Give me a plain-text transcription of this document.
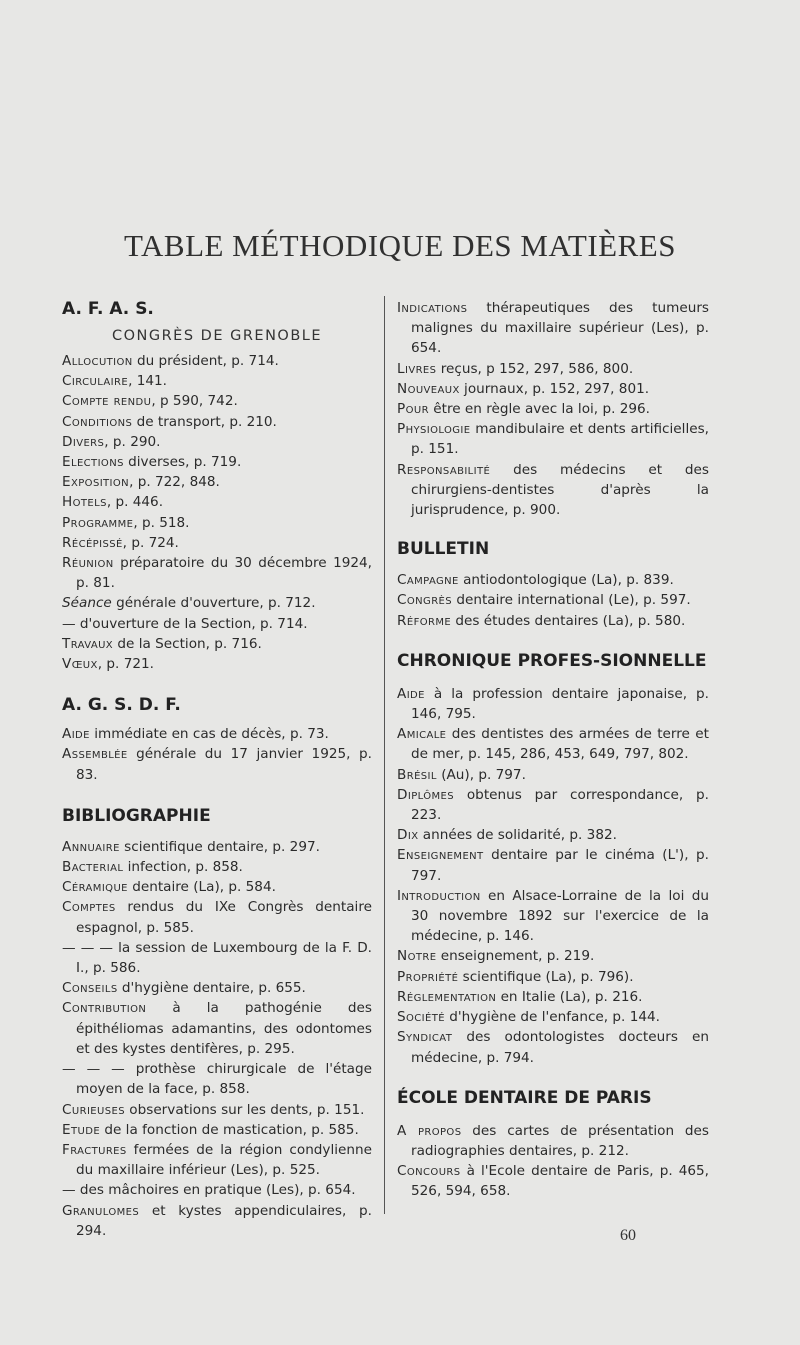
TABLE MÉTHODIQUE DES MATIÈRES
A. F. A. S.
CONGRÈS DE GRENOBLE

Allocution du président, p. 714.

Circulaire, 141.

Compte rendu, p 590, 742.

Conditions de transport, p. 210.

Divers, p. 290.

Elections diverses, p. 719.

Exposition, p. 722, 848.

Hotels, p. 446.

Programme, p. 518.

Récépissé, p. 724.

Réunion préparatoire du 30 décembre 1924, p. 81.

Séance générale d'ouverture, p. 712.

— d'ouverture de la Section, p. 714.

Travaux de la Section, p. 716.

Vœux, p. 721.

A. G. S. D. F.

Aide immédiate en cas de décès, p. 73.

Assemblée générale du 17 janvier 1925, p. 83.

BIBLIOGRAPHIE

Annuaire scientifique dentaire, p. 297.

Bacterial infection, p. 858.

Céramique dentaire (La), p. 584.

Comptes rendus du IXe Congrès dentaire espagnol, p. 585.

— — — la session de Luxembourg de la F. D. I., p. 586.

Conseils d'hygiène dentaire, p. 655.

Contribution à la pathogénie des épithéliomas adamantins, des odontomes et des kystes dentifères, p. 295.

— — — prothèse chirurgicale de l'étage moyen de la face, p. 858.

Curieuses observations sur les dents, p. 151.

Etude de la fonction de mastication, p. 585.

Fractures fermées de la région condylienne du maxillaire inférieur (Les), p. 525.

— des mâchoires en pratique (Les), p. 654.

Granulomes et kystes appendiculaires, p. 294.

Indications thérapeutiques des tumeurs malignes du maxillaire supérieur (Les), p. 654.

Livres reçus, p 152, 297, 586, 800.

Nouveaux journaux, p. 152, 297, 801.

Pour être en règle avec la loi, p. 296.

Physiologie mandibulaire et dents artificielles, p. 151.

Responsabilité des médecins et des chirurgiens-dentistes d'après la jurisprudence, p. 900.

BULLETIN

Campagne antiodontologique (La), p. 839.

Congrès dentaire international (Le), p. 597.

Réforme des études dentaires (La), p. 580.

CHRONIQUE PROFES-SIONNELLE

Aide à la profession dentaire japonaise, p. 146, 795.

Amicale des dentistes des armées de terre et de mer, p. 145, 286, 453, 649, 797, 802.

Brésil (Au), p. 797.

Diplômes obtenus par correspondance, p. 223.

Dix années de solidarité, p. 382.

Enseignement dentaire par le cinéma (L'), p. 797.

Introduction en Alsace-Lorraine de la loi du 30 novembre 1892 sur l'exercice de la médecine, p. 146.

Notre enseignement, p. 219.

Propriété scientifique (La), p. 796).

Réglementation en Italie (La), p. 216.

Société d'hygiène de l'enfance, p. 144.

Syndicat des odontologistes docteurs en médecine, p. 794.

ÉCOLE DENTAIRE DE PARIS

A propos des cartes de présentation des radiographies dentaires, p. 212.

Concours à l'Ecole dentaire de Paris, p. 465, 526, 594, 658.

60
